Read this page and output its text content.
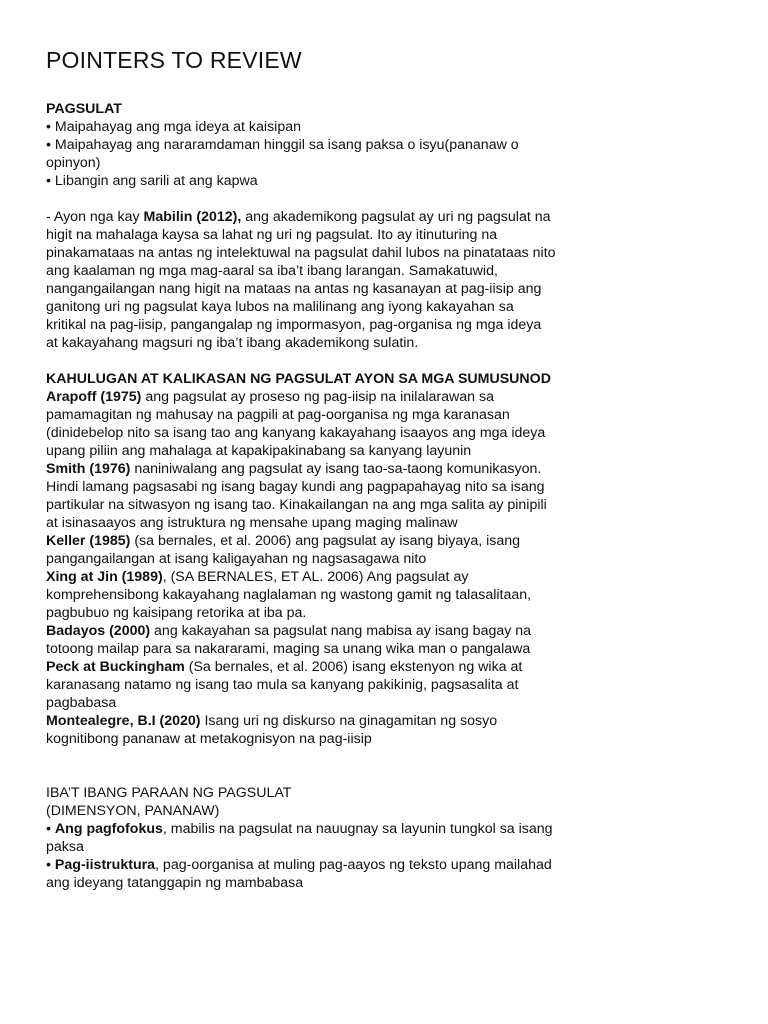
POINTERS TO REVIEW

PAGSULAT

• Maipahayag ang mga ideya at kaisipan

• Maipahayag ang nararamdaman hinggil sa isang paksa o isyu(pananaw o opinyon)

• Libangin ang sarili at ang kapwa

- Ayon nga kay Mabilin (2012), ang akademikong pagsulat ay uri ng pagsulat na higit na mahalaga kaysa sa lahat ng uri ng pagsulat. Ito ay itinuturing na pinakamataas na antas ng intelektuwal na pagsulat dahil lubos na pinatataas nito ang kaalaman ng mga mag-aaral sa iba’t ibang larangan. Samakatuwid, nangangailangan nang higit na mataas na antas ng kasanayan at pag-iisip ang ganitong uri ng pagsulat kaya lubos na malilinang ang iyong kakayahan sa kritikal na pag-iisip, pangangalap ng impormasyon, pag-organisa ng mga ideya at kakayahang magsuri ng iba’t ibang akademikong sulatin.

KAHULUGAN AT KALIKASAN NG PAGSULAT AYON SA MGA SUMUSUNOD

Arapoff (1975) ang pagsulat ay proseso ng pag-iisip na inilalarawan sa pamamagitan ng mahusay na pagpili at pag-oorganisa ng mga karanasan (dinidebelop nito sa isang tao ang kanyang kakayahang isaayos ang mga ideya upang piliin ang mahalaga at kapakipakinabang sa kanyang layunin

Smith (1976) naniniwalang ang pagsulat ay isang tao-sa-taong komunikasyon. Hindi lamang pagsasabi ng isang bagay kundi ang pagpapahayag nito sa isang partikular na sitwasyon ng isang tao. Kinakailangan na ang mga salita ay pinipili at isinasaayos ang istruktura ng mensahe upang maging malinaw

Keller (1985) (sa bernales, et al. 2006) ang pagsulat ay isang biyaya, isang pangangailangan at isang kaligayahan ng nagsasagawa nito

Xing at Jin (1989), (SA BERNALES, ET AL. 2006) Ang pagsulat ay komprehensibong kakayahang naglalaman ng wastong gamit ng talasalitaan, pagbubuo ng kaisipang retorika at iba pa.

Badayos (2000) ang kakayahan sa pagsulat nang mabisa ay isang bagay na totoong mailap para sa nakararami, maging sa unang wika man o pangalawa

Peck at Buckingham (Sa bernales, et al. 2006) isang ekstenyon ng wika at karanasang natamo ng isang tao mula sa kanyang pakikinig, pagsasalita at pagbabasa

Montealegre, B.I (2020) Isang uri ng diskurso na ginagamitan ng sosyo kognitibong pananaw at metakognisyon na pag-iisip

IBA’T IBANG PARAAN NG PAGSULAT

(DIMENSYON, PANANAW)

• Ang pagfofokus, mabilis na pagsulat na nauugnay sa layunin tungkol sa isang paksa

• Pag-iistruktura, pag-oorganisa at muling pag-aayos ng teksto upang mailahad ang ideyang tatanggapin ng mambabasa
